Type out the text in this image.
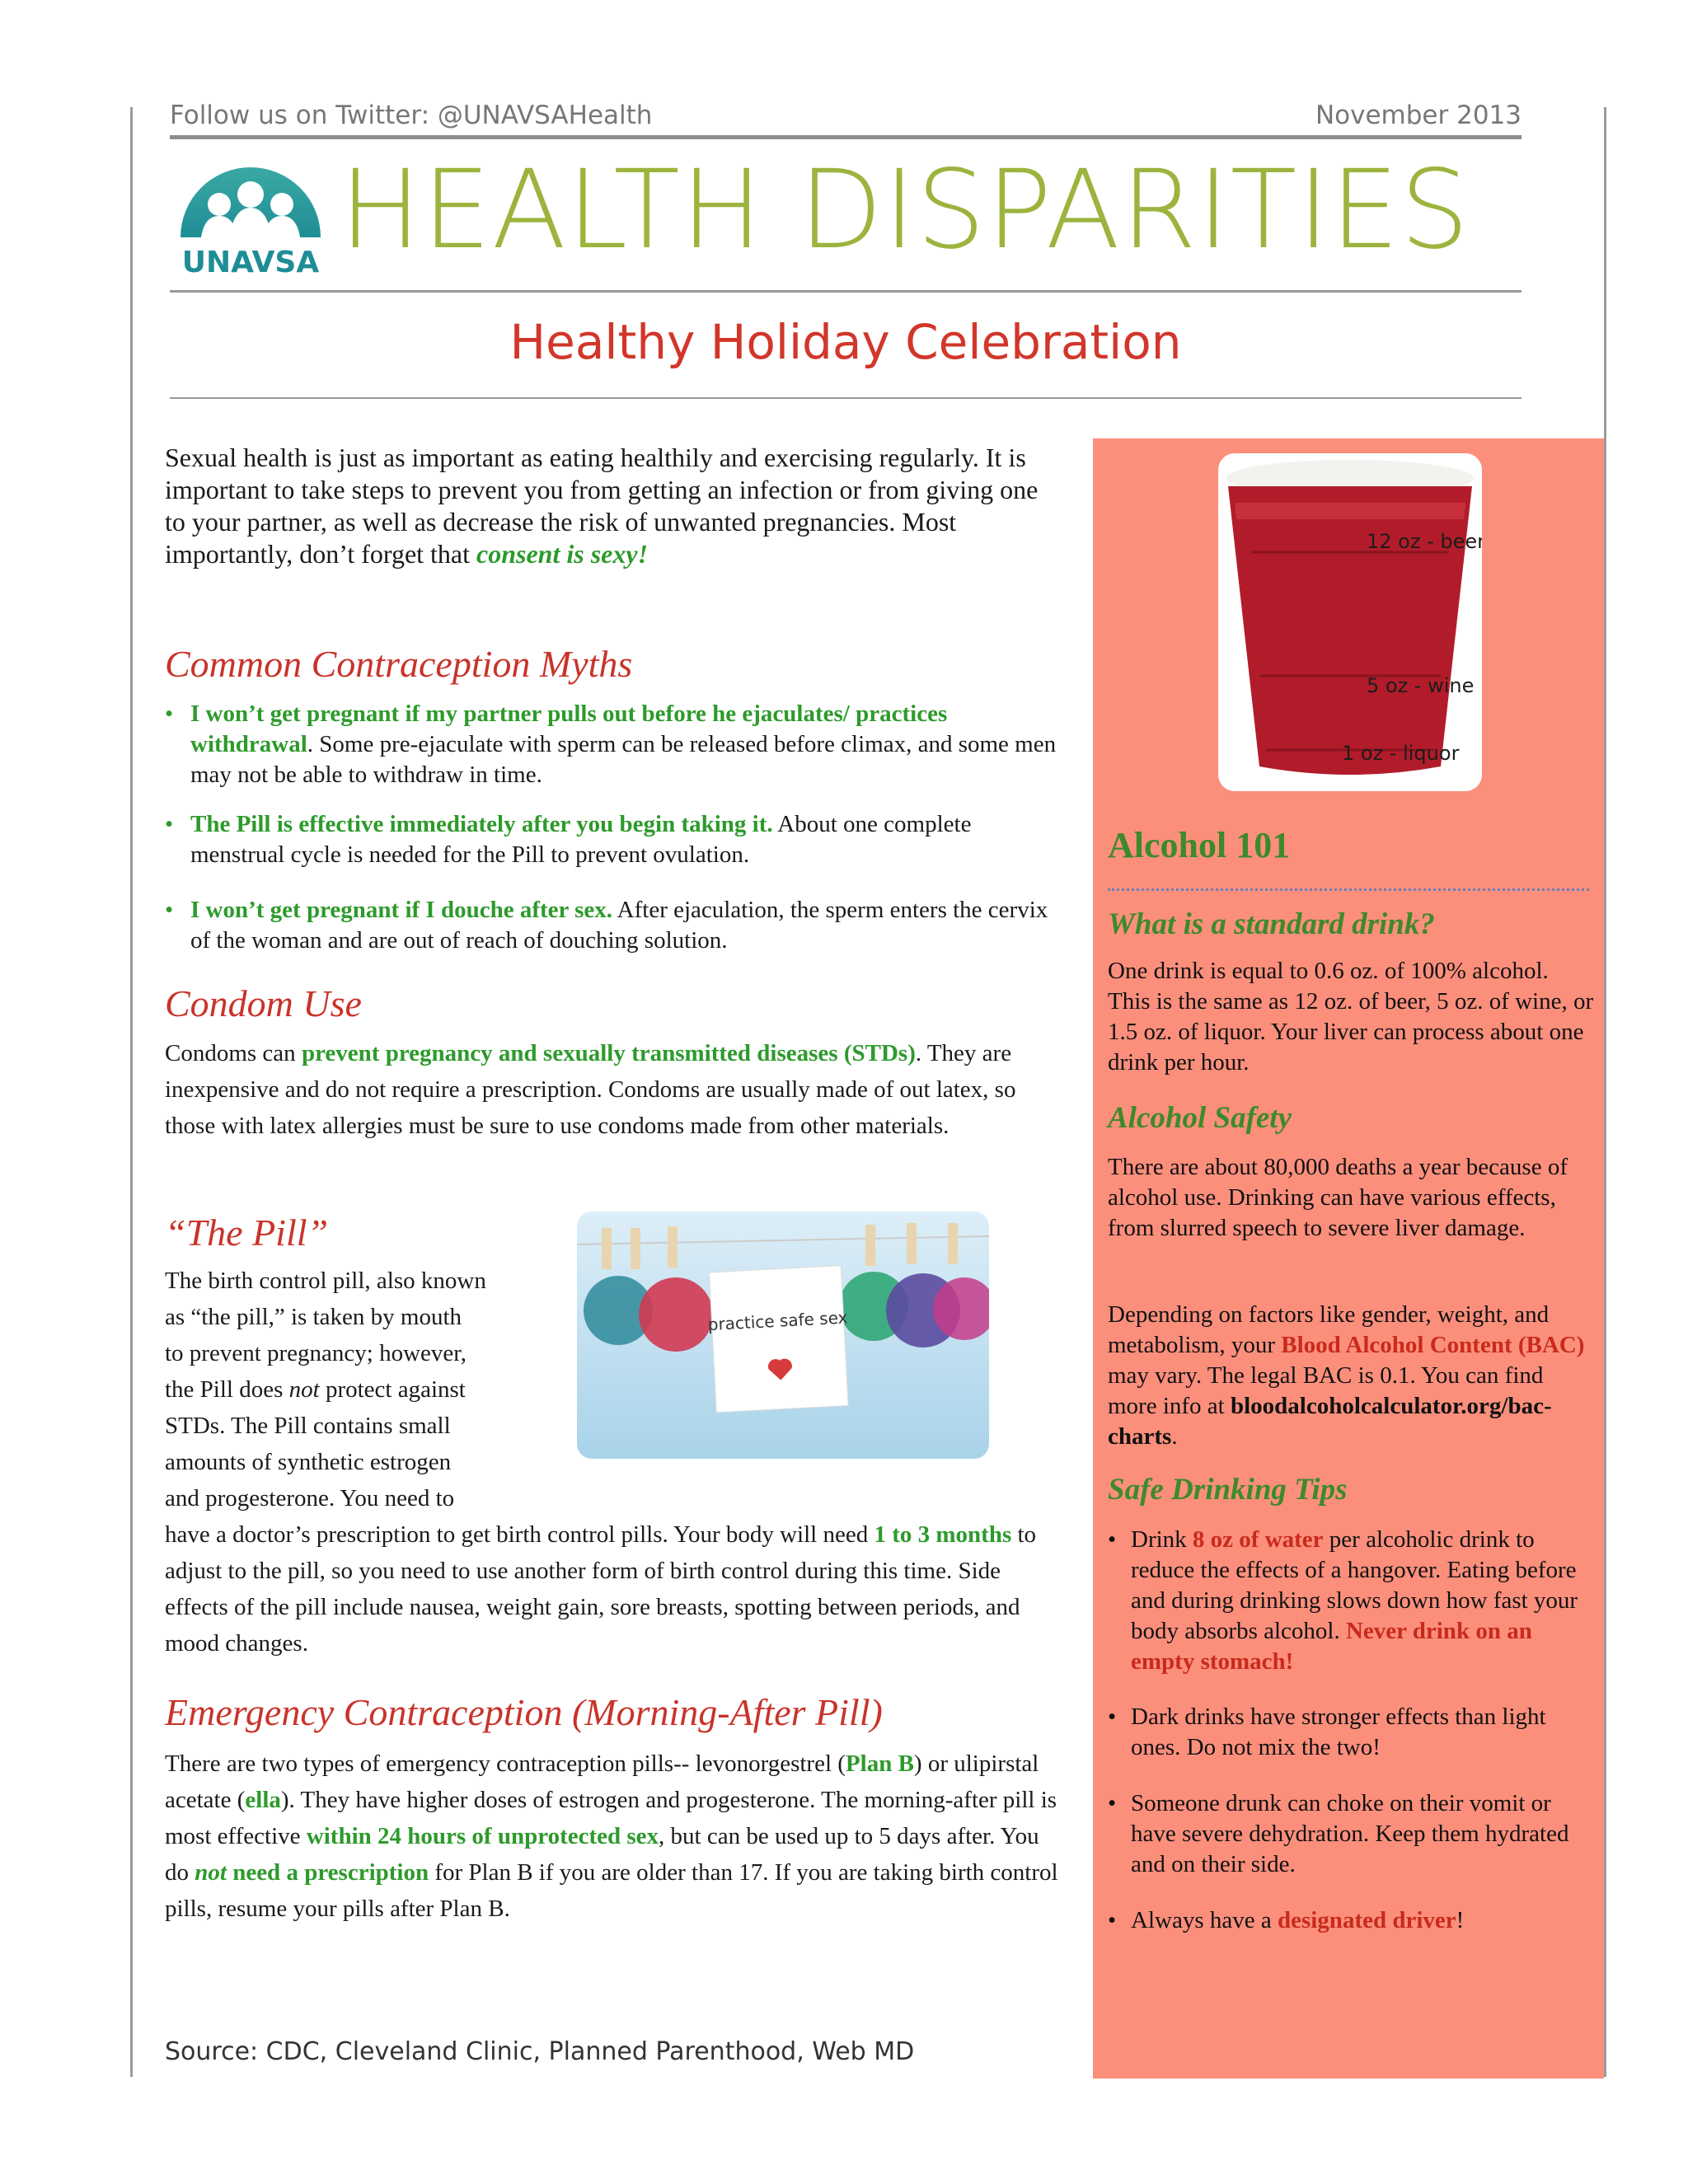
Follow us on Twitter: @UNAVSAHealth	November 2013
UNAVSA HEALTH DISPARITIES
Healthy Holiday Celebration
Sexual health is just as important as eating healthily and exercising regularly. It is important to take steps to prevent you from getting an infection or from giving one to your partner, as well as decrease the risk of unwanted pregnancies. Most importantly, don’t forget that consent is sexy!
Common Contraception Myths
• I won’t get pregnant if my partner pulls out before he ejaculates/ practices withdrawal. Some pre-ejaculate with sperm can be released before climax, and some men may not be able to withdraw in time.
• The Pill is effective immediately after you begin taking it. About one complete menstrual cycle is needed for the Pill to prevent ovulation.
• I won’t get pregnant if I douche after sex. After ejaculation, the sperm enters the cervix of the woman and are out of reach of douching solution.
Condom Use
Condoms can prevent pregnancy and sexually transmitted diseases (STDs). They are inexpensive and do not require a prescription. Condoms are usually made of out latex, so those with latex allergies must be sure to use condoms made from other materials.
“The Pill”
The birth control pill, also known
as “the pill,” is taken by mouth
to prevent pregnancy; however,
the Pill does not protect against
STDs. The Pill contains small
amounts of synthetic estrogen
and progesterone. You need to
have a doctor’s prescription to get birth control pills. Your body will need 1 to 3 months to adjust to the pill, so you need to use another form of birth control during this time. Side effects of the pill include nausea, weight gain, sore breasts, spotting between periods, and mood changes.
Emergency Contraception (Morning-After Pill)
There are two types of emergency contraception pills-- levonorgestrel (Plan B) or ulipirstal acetate (ella). They have higher doses of estrogen and progesterone. The morning-after pill is most effective within 24 hours of unprotected sex, but can be used up to 5 days after. You do not need a prescription for Plan B if you are older than 17. If you are taking birth control pills, resume your pills after Plan B.
practice safe sex
12 oz - beer
5 oz - wine
1 oz - liquor
Alcohol 101
What is a standard drink?
One drink is equal to 0.6 oz. of 100% alcohol. This is the same as 12 oz. of beer, 5 oz. of wine, or 1.5 oz. of liquor. Your liver can process about one drink per hour.
Alcohol Safety
There are about 80,000 deaths a year because of alcohol use. Drinking can have various effects, from slurred speech to severe liver damage.
Depending on factors like gender, weight, and metabolism, your Blood Alcohol Content (BAC) may vary. The legal BAC is 0.1. You can find more info at bloodalcoholcalculator.org/bac-charts.
Safe Drinking Tips
• Drink 8 oz of water per alcoholic drink to reduce the effects of a hangover. Eating before and during drinking slows down how fast your body absorbs alcohol. Never drink on an empty stomach!
• Dark drinks have stronger effects than light ones. Do not mix the two!
• Someone drunk can choke on their vomit or have severe dehydration. Keep them hydrated and on their side.
• Always have a designated driver!
Source: CDC, Cleveland Clinic, Planned Parenthood, Web MD
